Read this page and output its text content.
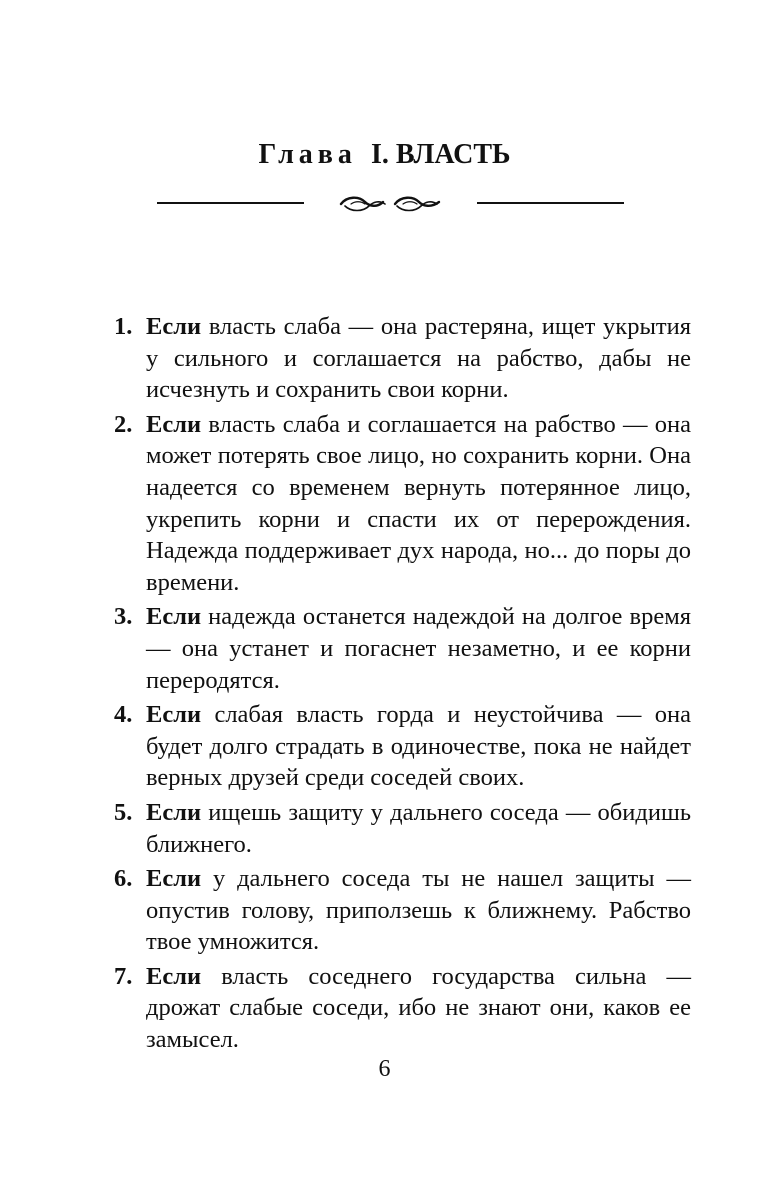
Глава I. ВЛАСТЬ
1. Если власть слаба — она растеряна, ищет укрытия у сильного и соглашается на рабство, дабы не исчезнуть и сохранить свои корни.
2. Если власть слаба и соглашается на рабство — она может потерять свое лицо, но сохранить корни. Она надеется со временем вернуть потерянное лицо, укрепить корни и спасти их от перерождения. Надежда поддерживает дух народа, но... до поры до времени.
3. Если надежда останется надеждой на долгое время — она устанет и погаснет незаметно, и ее корни переродятся.
4. Если слабая власть горда и неустойчива — она будет долго страдать в одиночестве, пока не найдет верных друзей среди соседей своих.
5. Если ищешь защиту у дальнего соседа — обидишь ближнего.
6. Если у дальнего соседа ты не нашел защиты — опустив голову, приползешь к ближнему. Рабство твое умножится.
7. Если власть соседнего государства сильна — дрожат слабые соседи, ибо не знают они, каков ее замысел.
6
